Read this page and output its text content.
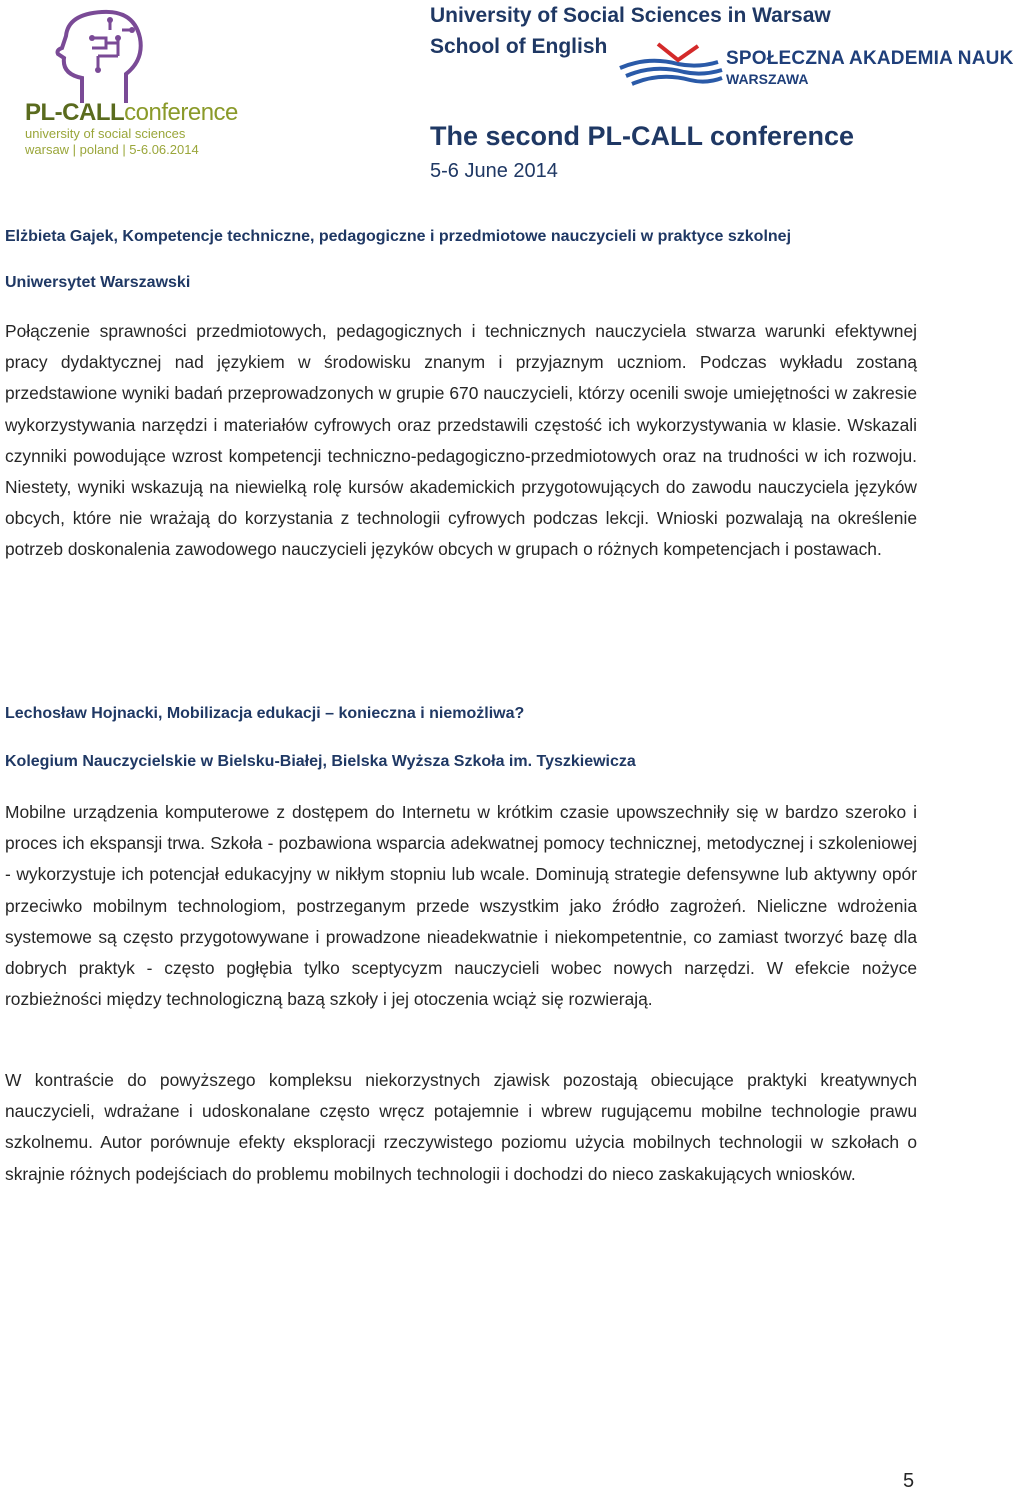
PL-CALLconference
university of social sciences
warsaw | poland | 5-6.06.2014

University of Social Sciences in Warsaw

School of English

SPOŁECZNA AKADEMIA NAUK
WARSZAWA
The second PL-CALL conference
5-6 June 2014

Elżbieta Gajek, Kompetencje techniczne, pedagogiczne i przedmiotowe nauczycieli w praktyce szkolnej

Uniwersytet Warszawski

Połączenie sprawności przedmiotowych, pedagogicznych i technicznych nauczyciela stwarza warunki efektywnej pracy dydaktycznej nad językiem w środowisku znanym i przyjaznym uczniom. Podczas wykładu zostaną przedstawione wyniki badań przeprowadzonych w grupie 670 nauczycieli, którzy ocenili swoje umiejętności w zakresie wykorzystywania narzędzi i materiałów cyfrowych oraz przedstawili częstość ich wykorzystywania w klasie. Wskazali czynniki powodujące wzrost kompetencji techniczno-pedagogiczno-przedmiotowych oraz na trudności w ich rozwoju. Niestety, wyniki wskazują na niewielką rolę kursów akademickich przygotowujących do zawodu nauczyciela języków obcych, które nie wrażają do korzystania z technologii cyfrowych podczas lekcji. Wnioski pozwalają na określenie potrzeb doskonalenia zawodowego nauczycieli języków obcych w grupach o różnych kompetencjach i postawach.

Lechosław Hojnacki, Mobilizacja edukacji – konieczna i niemożliwa?

Kolegium Nauczycielskie w Bielsku-Białej, Bielska Wyższa Szkoła im. Tyszkiewicza

Mobilne urządzenia komputerowe z dostępem do Internetu w krótkim czasie upowszechniły się w bardzo szeroko i proces ich ekspansji trwa. Szkoła - pozbawiona wsparcia adekwatnej pomocy technicznej, metodycznej i szkoleniowej - wykorzystuje ich potencjał edukacyjny w nikłym stopniu lub wcale. Dominują strategie defensywne lub aktywny opór przeciwko mobilnym technologiom, postrzeganym przede wszystkim jako źródło zagrożeń. Nieliczne wdrożenia systemowe są często przygotowywane i prowadzone nieadekwatnie i niekompetentnie, co zamiast tworzyć bazę dla dobrych praktyk - często pogłębia tylko sceptycyzm nauczycieli wobec nowych narzędzi. W efekcie nożyce rozbieżności między technologiczną bazą szkoły i jej otoczenia wciąż się rozwierają.

W kontraście do powyższego kompleksu niekorzystnych zjawisk pozostają obiecujące praktyki kreatywnych nauczycieli, wdrażane i udoskonalane często wręcz potajemnie i wbrew rugującemu mobilne technologie prawu szkolnemu. Autor porównuje efekty eksploracji rzeczywistego poziomu użycia mobilnych technologii w szkołach o skrajnie różnych podejściach do problemu mobilnych technologii i dochodzi do nieco zaskakujących wniosków.

5
